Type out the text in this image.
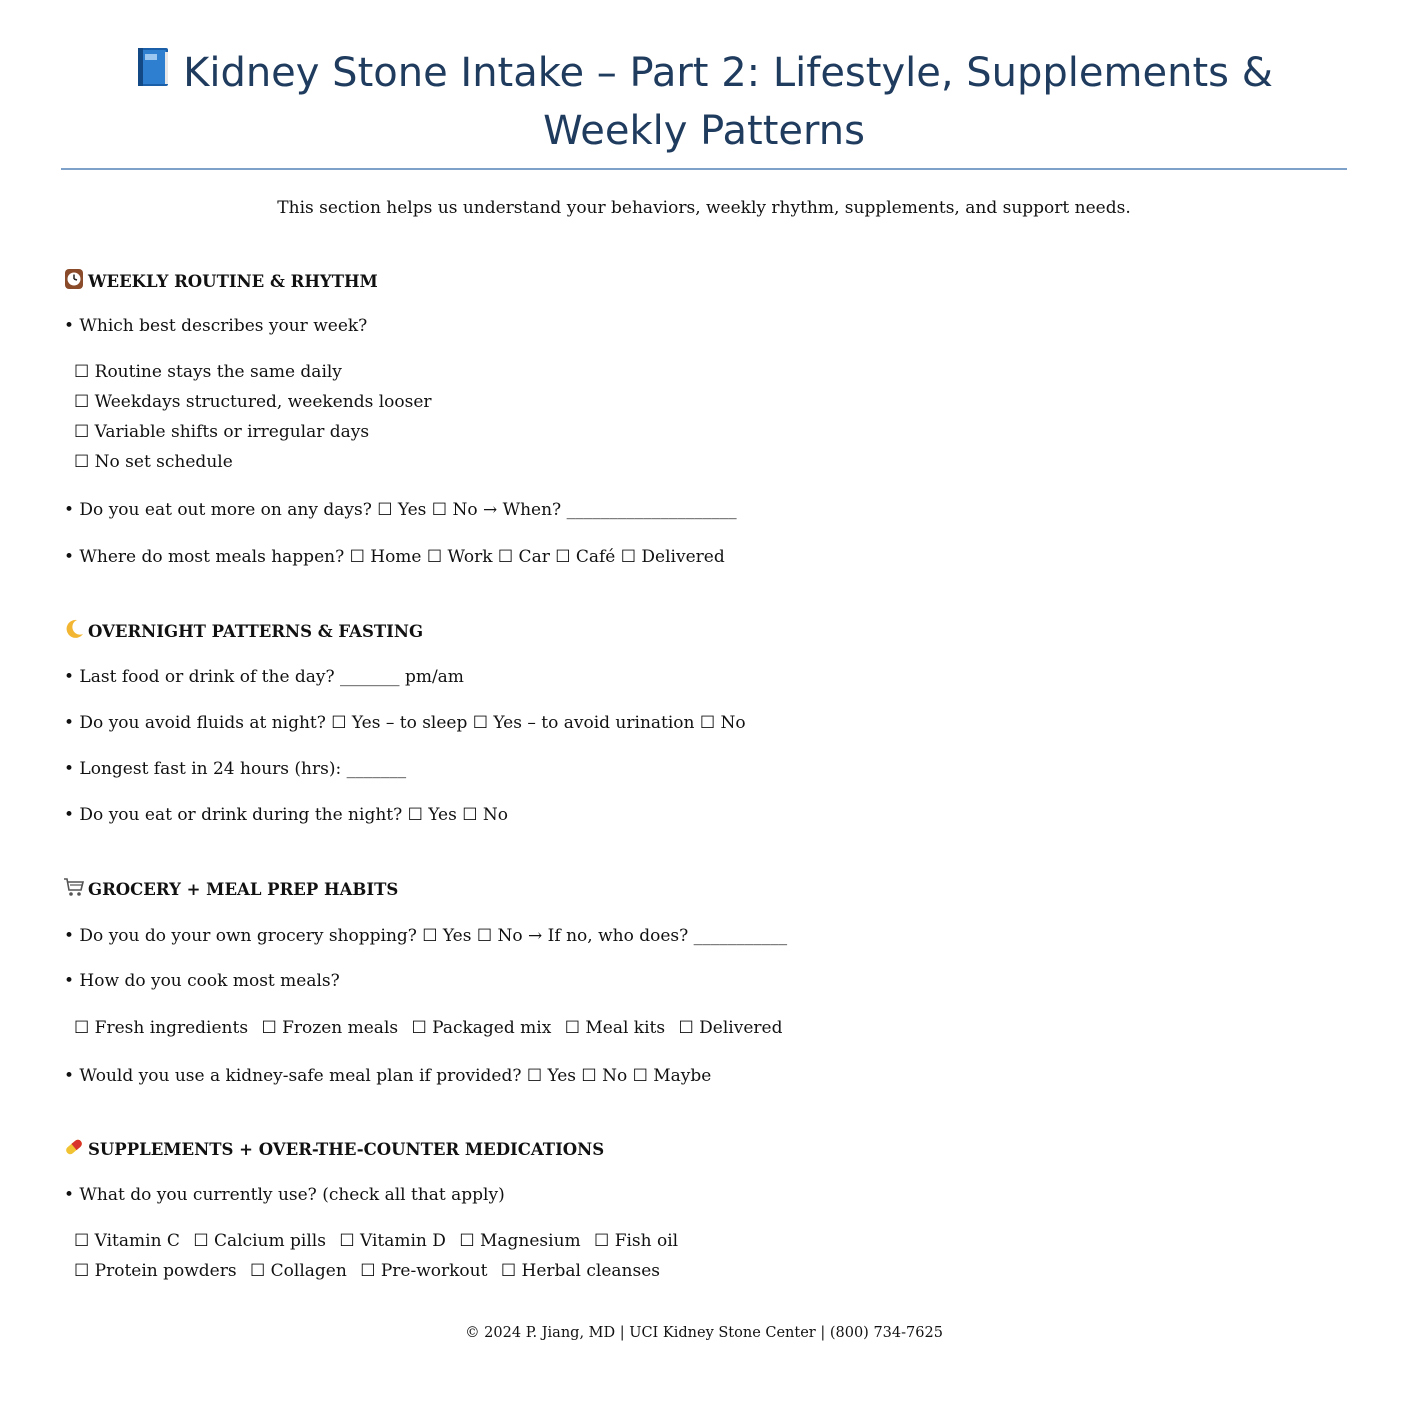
Kidney Stone Intake – Part 2: Lifestyle, Supplements & Weekly Patterns
This section helps us understand your behaviors, weekly rhythm, supplements, and support needs.
WEEKLY ROUTINE & RHYTHM
• Which best describes your week?
☐ Routine stays the same daily
☐ Weekdays structured, weekends looser
☐ Variable shifts or irregular days
☐ No set schedule
• Do you eat out more on any days? ☐ Yes ☐ No → When? ____________________
• Where do most meals happen? ☐ Home ☐ Work ☐ Car ☐ Café ☐ Delivered
OVERNIGHT PATTERNS & FASTING
• Last food or drink of the day? _______ pm/am
• Do you avoid fluids at night? ☐ Yes – to sleep ☐ Yes – to avoid urination ☐ No
• Longest fast in 24 hours (hrs): _______
• Do you eat or drink during the night? ☐ Yes ☐ No
GROCERY + MEAL PREP HABITS
• Do you do your own grocery shopping? ☐ Yes ☐ No → If no, who does? ___________
• How do you cook most meals?
☐ Fresh ingredients ☐ Frozen meals ☐ Packaged mix ☐ Meal kits ☐ Delivered
• Would you use a kidney-safe meal plan if provided? ☐ Yes ☐ No ☐ Maybe
SUPPLEMENTS + OVER-THE-COUNTER MEDICATIONS
• What do you currently use? (check all that apply)
☐ Vitamin C ☐ Calcium pills ☐ Vitamin D ☐ Magnesium ☐ Fish oil
☐ Protein powders ☐ Collagen ☐ Pre-workout ☐ Herbal cleanses
© 2024 P. Jiang, MD | UCI Kidney Stone Center | (800) 734-7625
